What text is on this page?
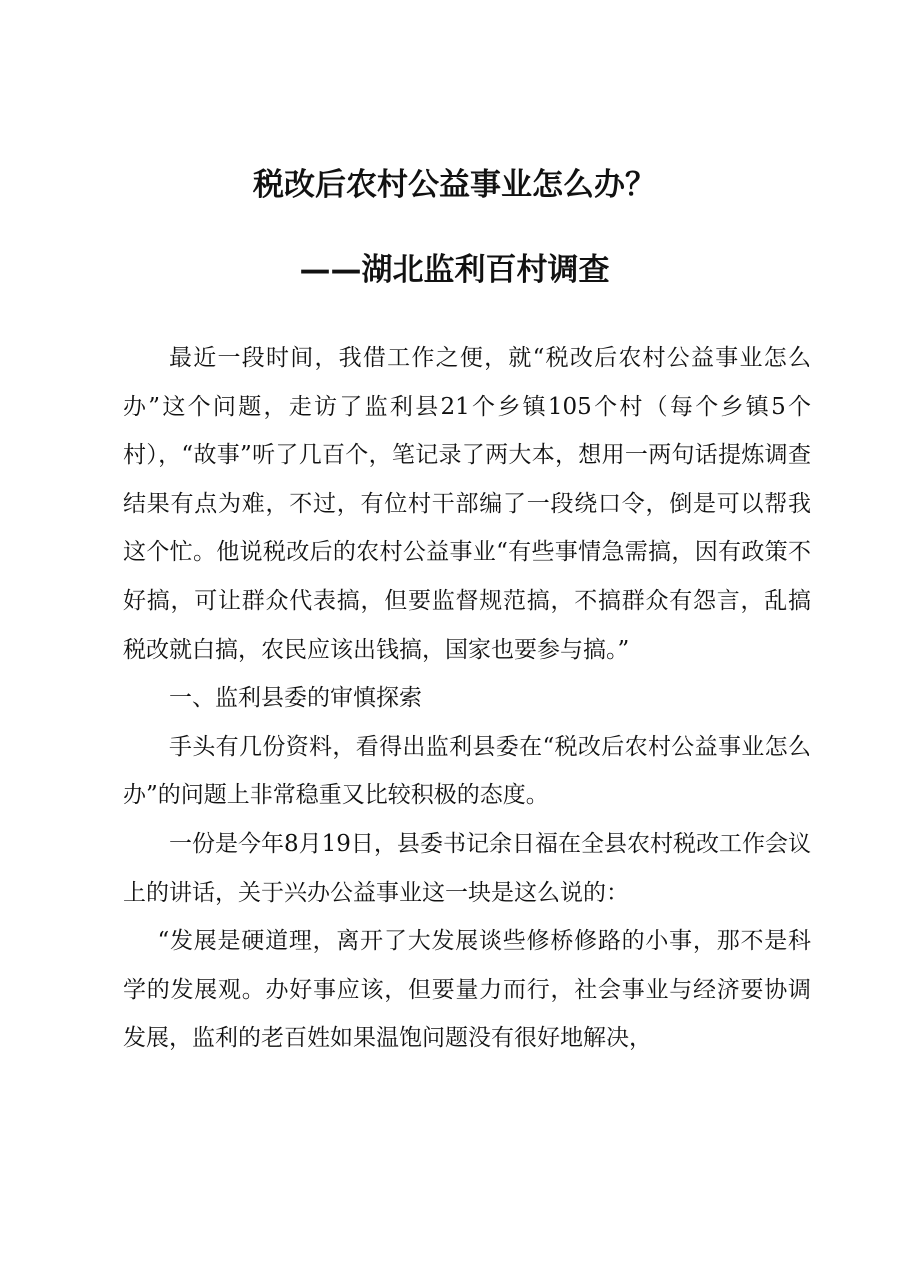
税改后农村公益事业怎么办？
——湖北监利百村调查

最近一段时间，我借工作之便，就“税改后农村公益事业怎么办”这个问题，走访了监利县21个乡镇105个村（每个乡镇5个村），“故事”听了几百个，笔记录了两大本，想用一两句话提炼调查结果有点为难，不过，有位村干部编了一段绕口令，倒是可以帮我这个忙。他说税改后的农村公益事业“有些事情急需搞，因有政策不好搞，可让群众代表搞，但要监督规范搞，不搞群众有怨言，乱搞税改就白搞，农民应该出钱搞，国家也要参与搞。”

一、监利县委的审慎探索

手头有几份资料，看得出监利县委在“税改后农村公益事业怎么办”的问题上非常稳重又比较积极的态度。

一份是今年8月19日，县委书记余日福在全县农村税改工作会议上的讲话，关于兴办公益事业这一块是这么说的：

“发展是硬道理，离开了大发展谈些修桥修路的小事，那不是科学的发展观。办好事应该，但要量力而行，社会事业与经济要协调发展，监利的老百姓如果温饱问题没有很好地解决，
